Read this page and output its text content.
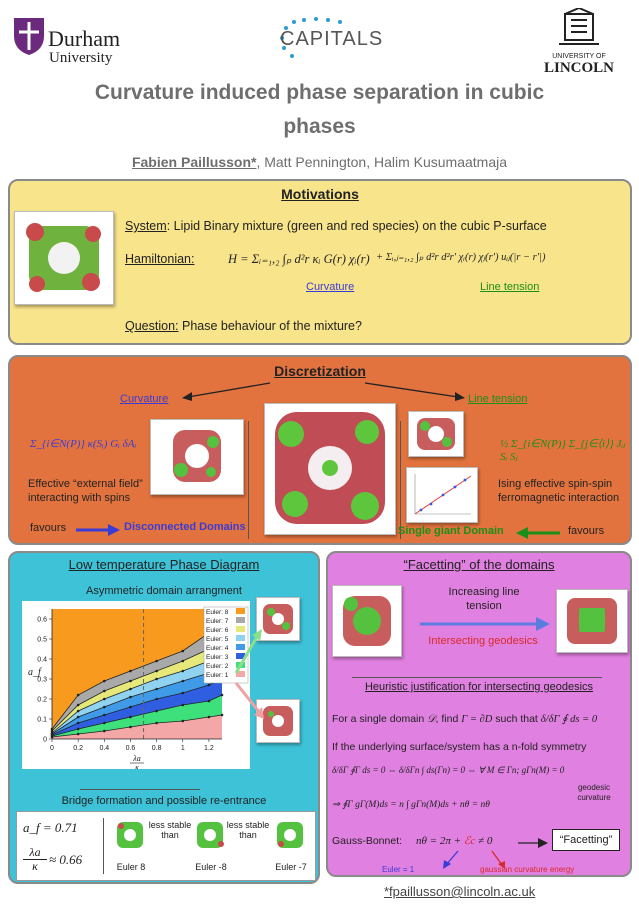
Durham
University
CAPITALS
UNIVERSITY OF
LINCOLN
Curvature induced phase separation in cubic
phases
Fabien Paillusson*, Matt Pennington, Halim Kusumaatmaja
Motivations
System: Lipid Binary mixture (green and red species) on the cubic P-surface
Hamiltonian:	H = Σᵢ₌₁,₂ ∫ₚ d²r κᵢ G(r) χᵢ(r) + Σᵢ,ⱼ₌₁,₂ ∫ₚ d²r d²r′ χᵢ(r) χⱼ(r′) uᵢⱼ(|r − r′|)
Curvature	Line tension
Question: Phase behaviour of the mixture?
Discretization
Curvature	Line tension
Σ_{i∈N(P)} κ(Sᵢ) Gᵢ δAᵢ
Effective “external field”
interacting with spins
½ Σ_{i∈N(P)} Σ_{j∈⟨i⟩} Jᵢⱼ Sᵢ Sⱼ
Ising effective spin-spin
ferromagnetic interaction
favours	Disconnected Domains	Single giant Domain	favours
Low temperature Phase Diagram
Asymmetric domain arrangment
0	0.2 0.4 0.6 0.8	1	1.2
0
0.1
0.2
0.3
0.4
0.5
0.6
a_f
λa
κ
Euler: 8
Euler: 7
Euler: 6
Euler: 5
Euler: 4
Euler: 3
Euler: 2
Euler: 1
Bridge formation and possible re-entrance
a_f = 0.71
$\frac{\lambda a}{\kappa} \approx 0.66$
less stable than
less stable than
Euler 8	Euler -8	Euler -7
“Facetting” of the domains
Increasing line
tension
Intersecting geodesics
Heuristic justification for intersecting geodesics
For a single domain 𝒟, find Γ = ∂D such that δ/δΓ ∮ ds = 0
If the underlying surface/system has a n-fold symmetry
δ/δΓ ∮Γ ds = 0 ⇔ δ/δΓn ∫ ds(Γn) = 0 ⇔ ∀ M ∈ Γn; gΓn(M) = 0
geodesic
curvature
⇒ ∮Γ gΓ(M)ds = n ∫ gΓn(M)ds + nθ = nθ
Gauss-Bonnet: nθ = 2π + ℰc ≠ 0	“Facetting”
Euler = 1	gaussian curvature energy
*fpaillusson@lincoln.ac.uk
